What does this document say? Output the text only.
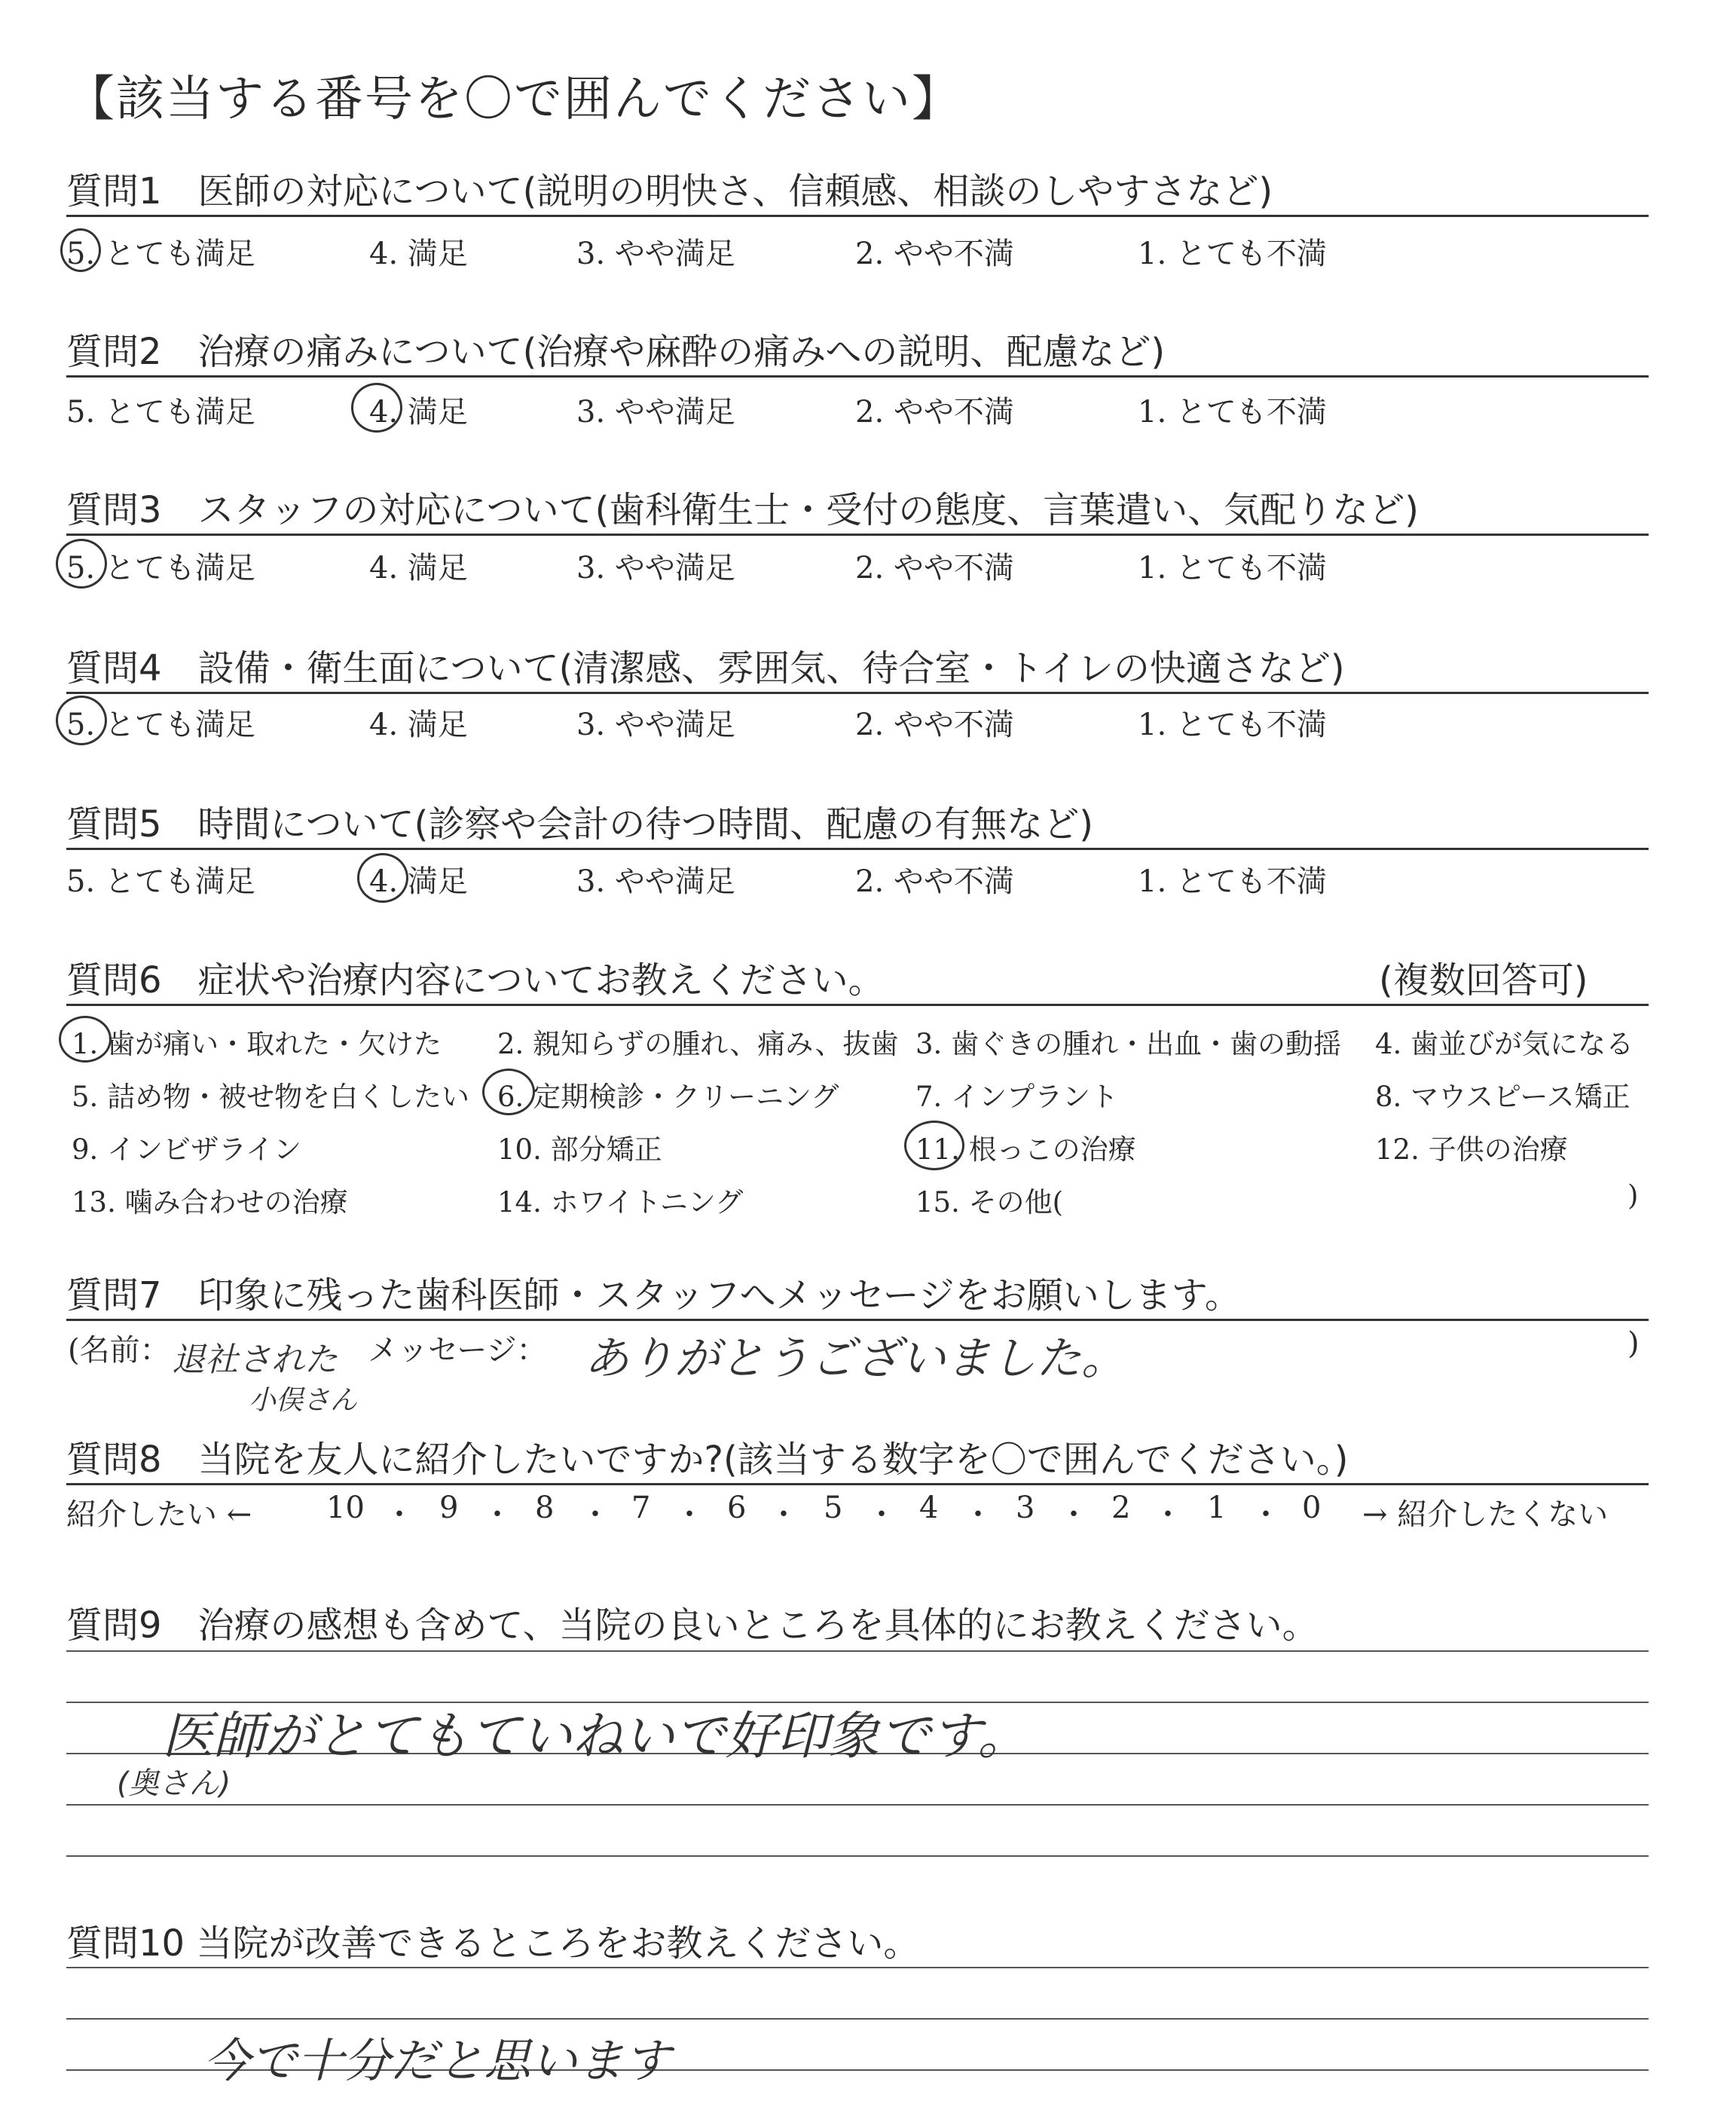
【該当する番号を〇で囲んでください】
質問1　医師の対応について(説明の明快さ、信頼感、相談のしやすさなど)
5. とても満足	4. 満足	3. やや満足	2. やや不満	1. とても不満
質問2　治療の痛みについて(治療や麻酔の痛みへの説明、配慮など)
5. とても満足	4. 満足	3. やや満足	2. やや不満	1. とても不満
質問3　スタッフの対応について(歯科衛生士・受付の態度、言葉遣い、気配りなど)
5. とても満足	4. 満足	3. やや満足	2. やや不満	1. とても不満
質問4　設備・衛生面について(清潔感、雰囲気、待合室・トイレの快適さなど)
5. とても満足	4. 満足	3. やや満足	2. やや不満	1. とても不満
質問5　時間について(診察や会計の待つ時間、配慮の有無など)
5. とても満足	4. 満足	3. やや満足	2. やや不満	1. とても不満
質問6　症状や治療内容についてお教えください。	(複数回答可)
1. 歯が痛い・取れた・欠けた 2. 親知らずの腫れ、痛み、抜歯 3. 歯ぐきの腫れ・出血・歯の動揺 4. 歯並びが気になる
5. 詰め物・被せ物を白くしたい 6. 定期検診・クリーニング	7. インプラント	8. マウスピース矯正
9. インビザライン	10. 部分矯正	11. 根っこの治療	12. 子供の治療
13. 噛み合わせの治療	14. ホワイトニング	15. その他(	)
質問7　印象に残った歯科医師・スタッフへメッセージをお願いします。
(名前： 退社された
小俣さん
メッセージ： ありがとうございました。	)
質問8　当院を友人に紹介したいですか?(該当する数字を〇で囲んでください。)
紹介したい ←	→ 紹介したくない
10 ・ 9 ・ 8 ・ 7 ・ 6 ・ 5 ・ 4 ・ 3 ・ 2 ・ 1 ・ 0
質問9　治療の感想も含めて、当院の良いところを具体的にお教えください。
医師がとてもていねいで好印象です。
(奥さん)
質問10 当院が改善できるところをお教えください。
今で十分だと思います
